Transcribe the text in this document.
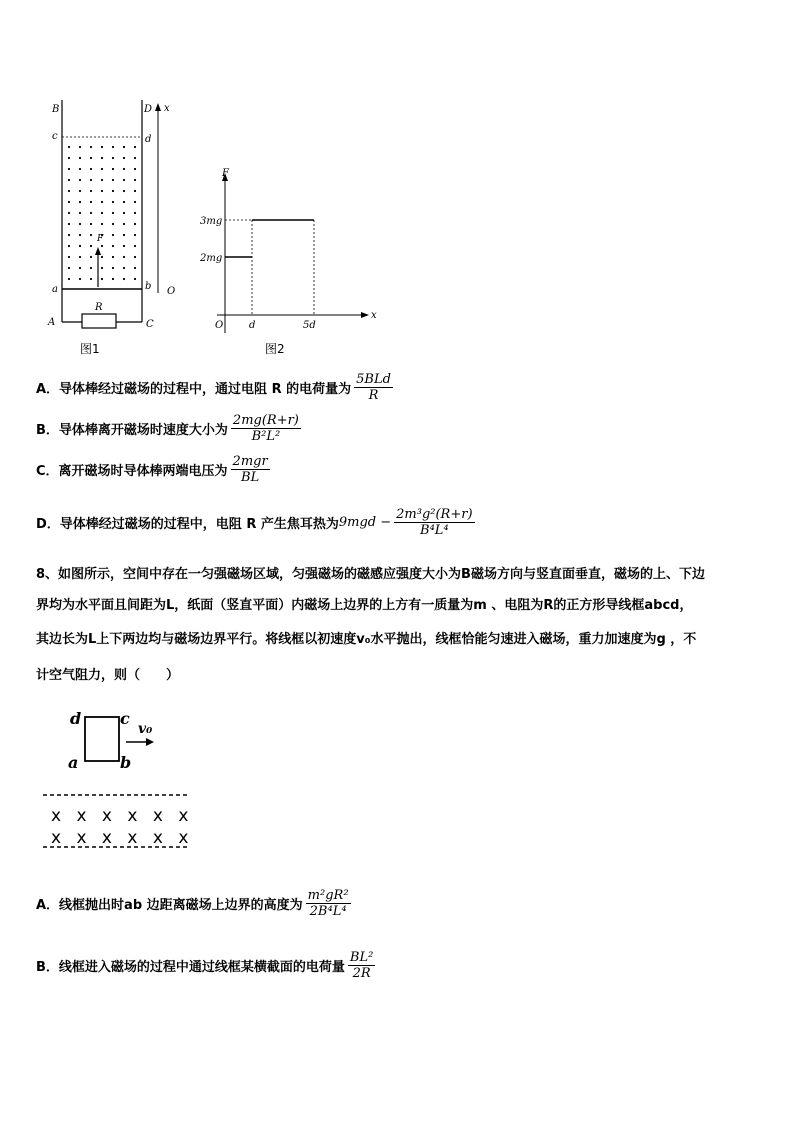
B	D x
c	d
F
a	b O
R
A	C
图1
F
3mg
2mg
O	d	5d
x
图2
A．导体棒经过磁场的过程中，通过电阻 R 的电荷量为 $\frac{\text{5BLd}}{R}$
B．导体棒离开磁场时速度大小为 $\frac{2mg(R+r)}{\text{B²L²}}$
C．离开磁场时导体棒两端电压为 $\frac{\text{2mgr}}{BL}$
D．导体棒经过磁场的过程中，电阻 R 产生焦耳热为 $9mgd - \frac{\text{2m³g²(R+r)}}{\text{B⁴L⁴}}$
8、如图所示，空间中存在一匀强磁场区域，匀强磁场的磁感应强度大小为B磁场方向与竖直面垂直，磁场的上、下边
界均为水平面且间距为L，纸面（竖直平面）内磁场上边界的上方有一质量为m 、电阻为R的正方形导线框abcd，
其边长为L上下两边均与磁场边界平行。将线框以初速度v₀水平抛出，线框恰能匀速进入磁场，重力加速度为g ，不
计空气阻力，则（　　）
d c
v₀
a	b
x x x x x x
x x x x x x
A．线框抛出时ab 边距离磁场上边界的高度为 $\frac{\text{m²gR²}}{\text{2B⁴L⁴}}$
B．线框进入磁场的过程中通过线框某横截面的电荷量 $\frac{\text{BL²}}{2R}$
